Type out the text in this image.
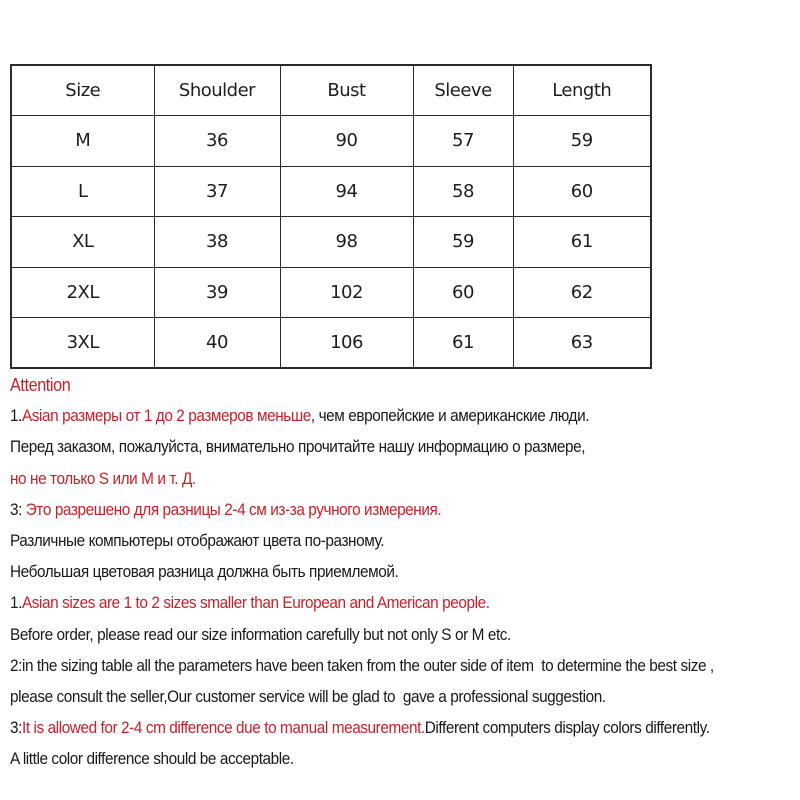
Size	Shoulder	Bust	Sleeve	Length
M	36	90	57	59
L	37	94	58	60
XL	38	98	59	61
2XL	39	102	60	62
3XL	40	106	61	63
Attention
1.Asian размеры от 1 до 2 размеров меньше, чем европейские и американские люди.
Перед заказом, пожалуйста, внимательно прочитайте нашу информацию о размере,
но не только S или M и т. Д.
3: Это разрешено для разницы 2-4 см из-за ручного измерения.
Различные компьютеры отображают цвета по-разному.
Небольшая цветовая разница должна быть приемлемой.
1.Asian sizes are 1 to 2 sizes smaller than European and American people.
Before order, please read our size information carefully but not only S or M etc.
2:in the sizing table all the parameters have been taken from the outer side of item  to determine the best size ,
please consult the seller,Our customer service will be glad to  gave a professional suggestion.
3:It is allowed for 2-4 cm difference due to manual measurement.Different computers display colors differently.
A little color difference should be acceptable.
